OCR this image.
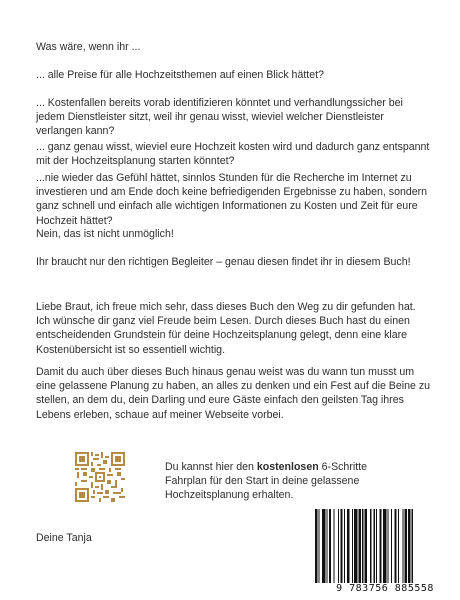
Was wäre, wenn ihr ...

... alle Preise für alle Hochzeitsthemen auf einen Blick hättet?

... Kostenfallen bereits vorab identifizieren könntet und verhandlungssicher bei jedem Dienstleister sitzt, weil ihr genau wisst, wieviel welcher Dienstleister verlangen kann?

... ganz genau wisst, wieviel eure Hochzeit kosten wird und dadurch ganz entspannt mit der Hochzeitsplanung starten könntet?

...nie wieder das Gefühl hättet, sinnlos Stunden für die Recherche im Internet zu investieren und am Ende doch keine befriedigenden Ergebnisse zu haben, sondern ganz schnell und einfach alle wichtigen Informationen zu Kosten und Zeit für eure Hochzeit hättet?

Nein, das ist nicht unmöglich!

Ihr braucht nur den richtigen Begleiter – genau diesen findet ihr in diesem Buch!

Liebe Braut, ich freue mich sehr, dass dieses Buch den Weg zu dir gefunden hat. Ich wünsche dir ganz viel Freude beim Lesen. Durch dieses Buch hast du einen entscheidenden Grundstein für deine Hochzeitsplanung gelegt, denn eine klare Kostenübersicht ist so essentiell wichtig.

Damit du auch über dieses Buch hinaus genau weist was du wann tun musst um eine gelassene Planung zu haben, an alles zu denken und ein Fest auf die Beine zu stellen, an dem du, dein Darling und eure Gäste einfach den geilsten Tag ihres Lebens erleben, schaue auf meiner Webseite vorbei.

Du kannst hier den kostenlosen 6-Schritte Fahrplan für den Start in deine gelassene Hochzeitsplanung erhalten.

Deine Tanja

9 783756 885558
